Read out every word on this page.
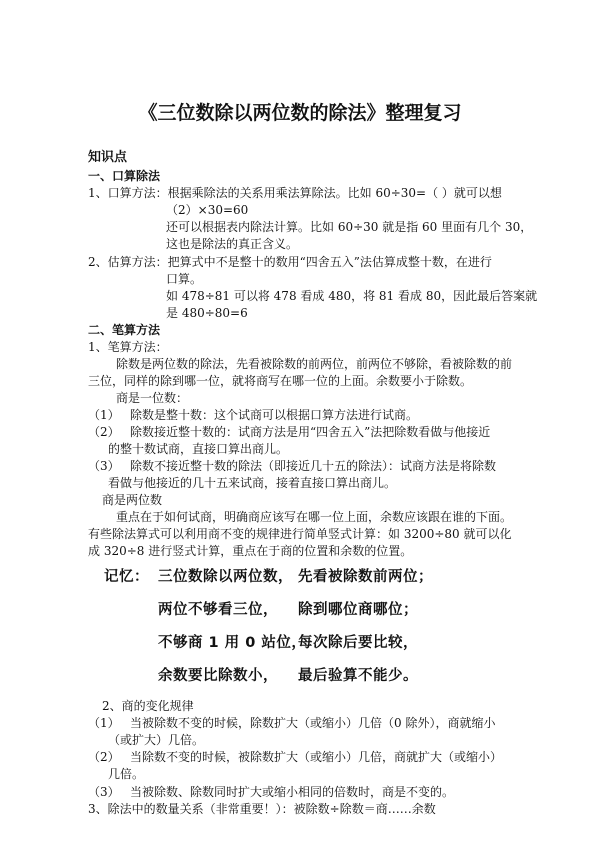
《三位数除以两位数的除法》整理复习
知识点
一、口算除法
1、口算方法：根据乘除法的关系用乘法算除法。比如 60÷30=（ ）就可以想
（2）×30=60
还可以根据表内除法计算。比如 60÷30 就是指 60 里面有几个 30，
这也是除法的真正含义。
2、估算方法：把算式中不是整十的数用“四舍五入”法估算成整十数，在进行
口算。
如 478÷81 可以将 478 看成 480，将 81 看成 80，因此最后答案就
是 480÷80=6
二、笔算方法
1、笔算方法：
除数是两位数的除法，先看被除数的前两位，前两位不够除，看被除数的前
三位，同样的除到哪一位，就将商写在哪一位的上面。余数要小于除数。
商是一位数：
（1） 除数是整十数：这个试商可以根据口算方法进行试商。
（2） 除数接近整十数的：试商方法是用“四舍五入”法把除数看做与他接近
的整十数试商，直接口算出商儿。
（3） 除数不接近整十数的除法（即接近几十五的除法）：试商方法是将除数
看做与他接近的几十五来试商，接着直接口算出商儿。
商是两位数
重点在于如何试商，明确商应该写在哪一位上面，余数应该跟在谁的下面。
有些除法算式可以利用商不变的规律进行简单竖式计算：如 3200÷80 就可以化
成 320÷8 进行竖式计算，重点在于商的位置和余数的位置。
记忆： 三位数除以两位数， 先看被除数前两位；
两位不够看三位， 除到哪位商哪位；
不够商 1 用 0 站位，
每次除后要比较，
余数要比除数小， 最后验算不能少。
2、商的变化规律
（1） 当被除数不变的时候，除数扩大（或缩小）几倍（0 除外），商就缩小
（或扩大）几倍。
（2） 当除数不变的时候，被除数扩大（或缩小）几倍，商就扩大（或缩小）
几倍。
（3） 当被除数、除数同时扩大或缩小相同的倍数时，商是不变的。
3、除法中的数量关系（非常重要！）：被除数÷除数＝商……余数
